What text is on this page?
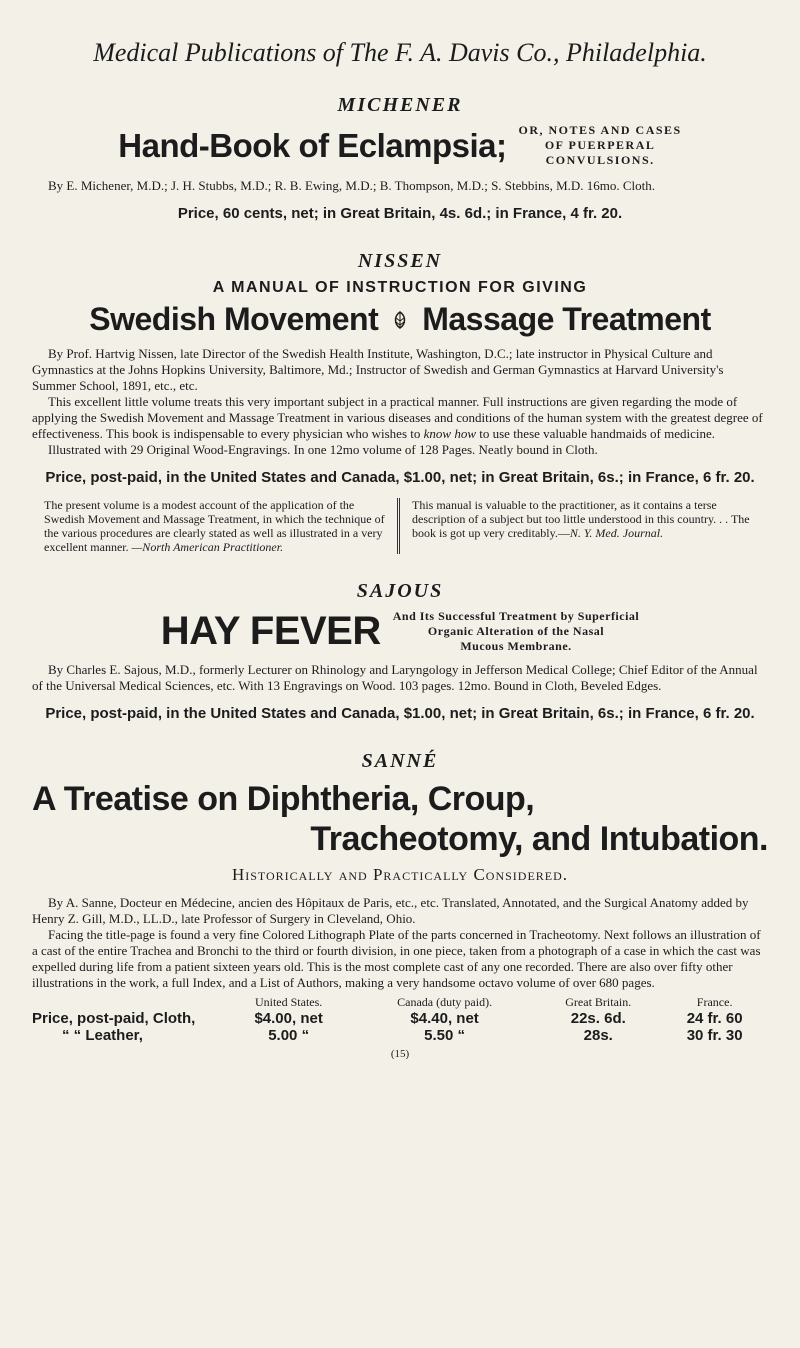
Medical Publications of The F. A. Davis Co., Philadelphia.
MICHENER
Hand-Book of Eclampsia; OR, NOTES AND CASES
OF PUERPERAL
CONVULSIONS.

By E. Michener, M.D.; J. H. Stubbs, M.D.; R. B. Ewing, M.D.; B. Thompson, M.D.; S. Stebbins, M.D. 16mo. Cloth.

Price, 60 cents, net; in Great Britain, 4s. 6d.; in France, 4 fr. 20.
NISSEN
A MANUAL OF INSTRUCTION FOR GIVING
Swedish Movement Massage Treatment

By Prof. Hartvig Nissen, late Director of the Swedish Health Institute, Washington, D.C.; late instructor in Physical Culture and Gymnastics at the Johns Hopkins University, Baltimore, Md.; Instructor of Swedish and German Gymnastics at Harvard University's Summer School, 1891, etc., etc.

This excellent little volume treats this very important subject in a practical manner. Full instructions are given regarding the mode of applying the Swedish Movement and Massage Treatment in various diseases and conditions of the human system with the greatest degree of effectiveness. This book is indispensable to every physician who wishes to know how to use these valuable handmaids of medicine.

Illustrated with 29 Original Wood-Engravings. In one 12mo volume of 128 Pages. Neatly bound in Cloth.

Price, post-paid, in the United States and Canada, $1.00, net; in Great Britain, 6s.; in France, 6 fr. 20.
The present volume is a modest account of the application of the Swedish Movement and Massage Treatment, in which the technique of the various procedures are clearly stated as well as illustrated in a very excellent manner. —North American Practitioner.
This manual is valuable to the practitioner, as it contains a terse description of a subject but too little understood in this country. . . The book is got up very creditably.—N. Y. Med. Journal.
SAJOUS
HAY FEVER And Its Successful Treatment by Superficial
Organic Alteration of the Nasal
Mucous Membrane.

By Charles E. Sajous, M.D., formerly Lecturer on Rhinology and Laryngology in Jefferson Medical College; Chief Editor of the Annual of the Universal Medical Sciences, etc. With 13 Engravings on Wood. 103 pages. 12mo. Bound in Cloth, Beveled Edges.

Price, post-paid, in the United States and Canada, $1.00, net; in Great Britain, 6s.; in France, 6 fr. 20.
SANNÉ
A Treatise on Diphtheria, Croup,
Tracheotomy, and Intubation.
Historically and Practically Considered.

By A. Sanne, Docteur en Médecine, ancien des Hôpitaux de Paris, etc., etc. Translated, Annotated, and the Surgical Anatomy added by Henry Z. Gill, M.D., LL.D., late Professor of Surgery in Cleveland, Ohio.

Facing the title-page is found a very fine Colored Lithograph Plate of the parts concerned in Tracheotomy. Next follows an illustration of a cast of the entire Trachea and Bronchi to the third or fourth division, in one piece, taken from a photograph of a case in which the cast was expelled during life from a patient sixteen years old. This is the most complete cast of any one recorded. There are also over fifty other illustrations in the work, a full Index, and a List of Authors, making a very handsome octavo volume of over 680 pages.

	United States.	Canada (duty paid).	Great Britain.	France.
Price, post-paid, Cloth,	$4.00, net	$4.40, net	22s. 6d.	24 fr. 60
“ “ Leather,	5.00 “	5.50 “	28s.	30 fr. 30
(15)
